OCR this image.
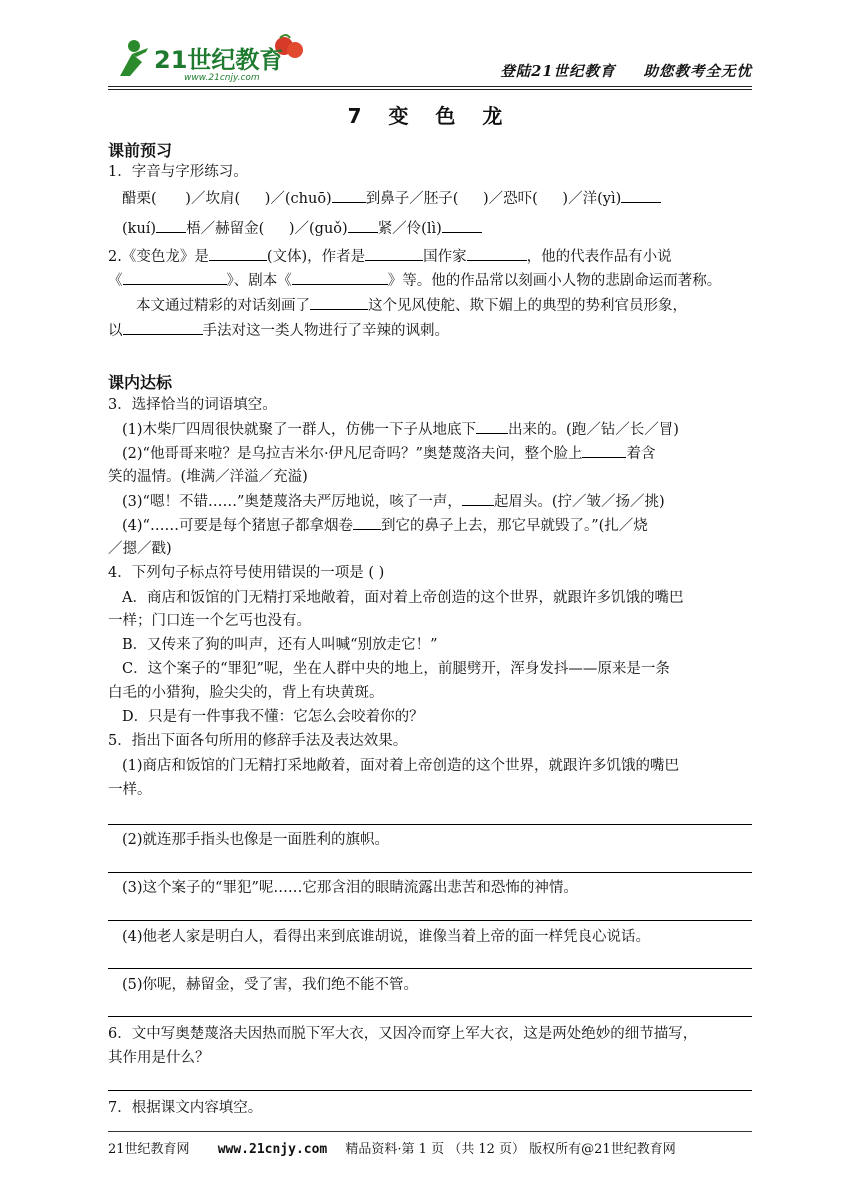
21世纪教育
www.21cnjy.com	登陆21世纪教育 助您教考全无忧
7 变 色 龙
课前预习
1．字音与字形练习。
醋栗( )／坎肩( )／(chuō) 到鼻子／胚子( )／恐吓( )／洋(yì)
(kuí) 梧／赫留金( )／(guǒ) 紧／伶(lì)
2.《变色龙》是	(文体)，作者是	国作家	，他的代表作品有小说
《	》、剧本《	》等。他的作品常以刻画小人物的悲剧命运而著称。
本文通过精彩的对话刻画了	这个见风使舵、欺下媚上的典型的势利官员形象，
以	手法对这一类人物进行了辛辣的讽刺。
课内达标
3．选择恰当的词语填空。
(1)木柴厂四周很快就聚了一群人，仿佛一下子从地底下 出来的。(跑／钻／长／冒)
(2)“他哥哥来啦？是乌拉吉米尔·伊凡尼奇吗？”奥楚蔑洛夫问，整个脸上	着含
笑的温情。(堆满／洋溢／充溢)
(3)“嗯！不错……”奥楚蔑洛夫严厉地说，咳了一声， 起眉头。(拧／皱／扬／挑)
(4)“……可要是每个猪崽子都拿烟卷 到它的鼻子上去，那它早就毁了。”(扎／烧
／摁／戳)
4．下列句子标点符号使用错误的一项是 ( )
A．商店和饭馆的门无精打采地敞着，面对着上帝创造的这个世界，就跟许多饥饿的嘴巴
一样；门口连一个乞丐也没有。
B．又传来了狗的叫声，还有人叫喊“别放走它！”
C．这个案子的“罪犯”呢，坐在人群中央的地上，前腿劈开，浑身发抖——原来是一条
白毛的小猎狗，脸尖尖的，背上有块黄斑。
D．只是有一件事我不懂：它怎么会咬着你的？
5．指出下面各句所用的修辞手法及表达效果。
(1)商店和饭馆的门无精打采地敞着，面对着上帝创造的这个世界，就跟许多饥饿的嘴巴
一样。
(2)就连那手指头也像是一面胜利的旗帜。
(3)这个案子的“罪犯”呢……它那含泪的眼睛流露出悲苦和恐怖的神情。
(4)他老人家是明白人，看得出来到底谁胡说，谁像当着上帝的面一样凭良心说话。
(5)你呢，赫留金，受了害，我们绝不能不管。
6．文中写奥楚蔑洛夫因热而脱下军大衣，又因冷而穿上军大衣，这是两处绝妙的细节描写，
其作用是什么？
7．根据课文内容填空。
21世纪教育网 www.21cnjy.com 精品资料·第 1 页 （共 12 页） 版权所有@21世纪教育网
